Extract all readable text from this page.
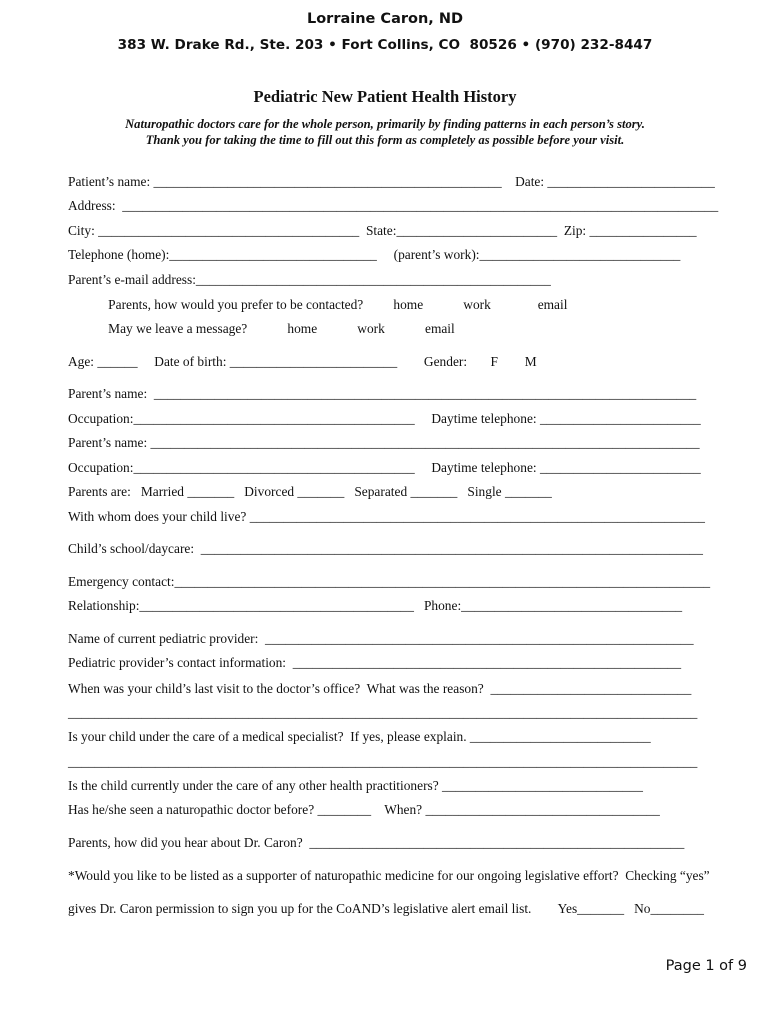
Lorraine Caron, ND
383 W. Drake Rd., Ste. 203 • Fort Collins, CO  80526 • (970) 232-8447
Pediatric New Patient Health History
Naturopathic doctors care for the whole person, primarily by finding patterns in each person’s story.
Thank you for taking the time to fill out this form as completely as possible before your visit.
Patient’s name: ____________________________________________________    Date: _________________________
Address:  _________________________________________________________________________________________
City: _______________________________________  State:________________________  Zip: ________________
Telephone (home):_______________________________     (parent’s work):______________________________
Parent’s e-mail address:_____________________________________________________
Parents, how would you prefer to be contacted?         home            work              email
May we leave a message?            home            work            email
Age: ______     Date of birth: _________________________        Gender:       F        M
Parent’s name:  _________________________________________________________________________________
Occupation:__________________________________________     Daytime telephone: ________________________
Parent’s name: __________________________________________________________________________________
Occupation:__________________________________________     Daytime telephone: ________________________
Parents are:   Married _______   Divorced _______   Separated _______   Single _______
With whom does your child live? ____________________________________________________________________
Child’s school/daycare:  ___________________________________________________________________________
Emergency contact:________________________________________________________________________________
Relationship:_________________________________________   Phone:_________________________________
Name of current pediatric provider:  ________________________________________________________________
Pediatric provider’s contact information:  __________________________________________________________
When was your child’s last visit to the doctor’s office?  What was the reason?  ______________________________
______________________________________________________________________________________________
Is your child under the care of a medical specialist?  If yes, please explain. ___________________________
______________________________________________________________________________________________
Is the child currently under the care of any other health practitioners? ______________________________
Has he/she seen a naturopathic doctor before? ________    When? ___________________________________
Parents, how did you hear about Dr. Caron?  ________________________________________________________
*Would you like to be listed as a supporter of naturopathic medicine for our ongoing legislative effort?  Checking “yes”
gives Dr. Caron permission to sign you up for the CoAND’s legislative alert email list.        Yes_______   No________
Page 1 of 9
